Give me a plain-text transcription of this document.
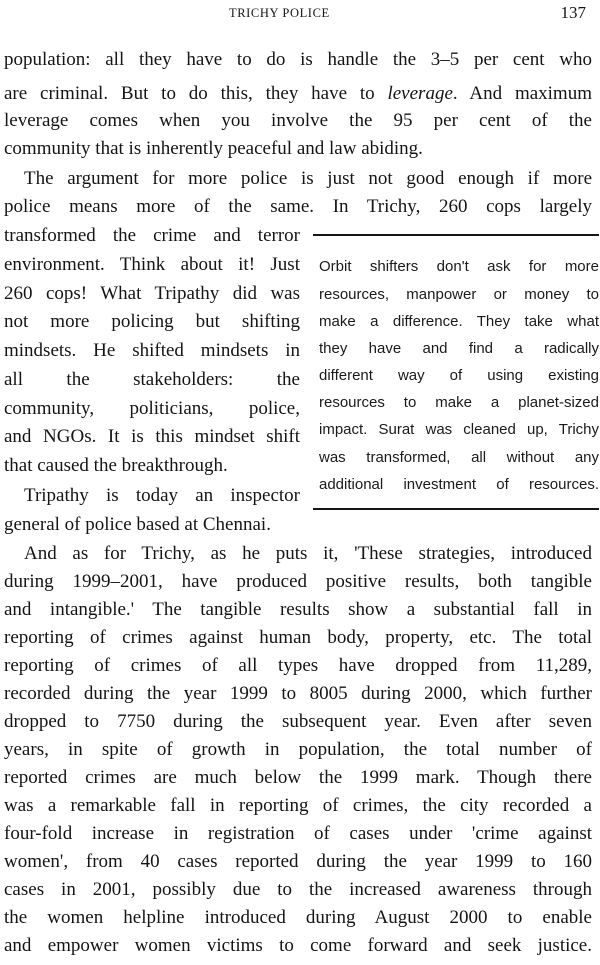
TRICHY POLICE	137
population: all they have to do is handle the 3–5 per cent who
are criminal. But to do this, they have to leverage. And maximum
leverage comes when you involve the 95 per cent of the
community that is inherently peaceful and law abiding.
The argument for more police is just not good enough if more
police means more of the same. In Trichy, 260 cops largely
transformed the crime and terror
environment. Think about it! Just
260 cops! What Tripathy did was
not more policing but shifting
mindsets. He shifted mindsets in
all the stakeholders: the
community, politicians, police,
and NGOs. It is this mindset shift
that caused the breakthrough.
Tripathy is today an inspector
general of police based at Chennai.
Orbit shifters don't ask for more
resources, manpower or money to
make a difference. They take what
they have and find a radically
different way of using existing
resources to make a planet-sized
impact. Surat was cleaned up, Trichy
was transformed, all without any
additional investment of resources.
And as for Trichy, as he puts it, 'These strategies, introduced
during 1999–2001, have produced positive results, both tangible
and intangible.' The tangible results show a substantial fall in
reporting of crimes against human body, property, etc. The total
reporting of crimes of all types have dropped from 11,289,
recorded during the year 1999 to 8005 during 2000, which further
dropped to 7750 during the subsequent year. Even after seven
years, in spite of growth in population, the total number of
reported crimes are much below the 1999 mark. Though there
was a remarkable fall in reporting of crimes, the city recorded a
four-fold increase in registration of cases under 'crime against
women', from 40 cases reported during the year 1999 to 160
cases in 2001, possibly due to the increased awareness through
the women helpline introduced during August 2000 to enable
and empower women victims to come forward and seek justice.
